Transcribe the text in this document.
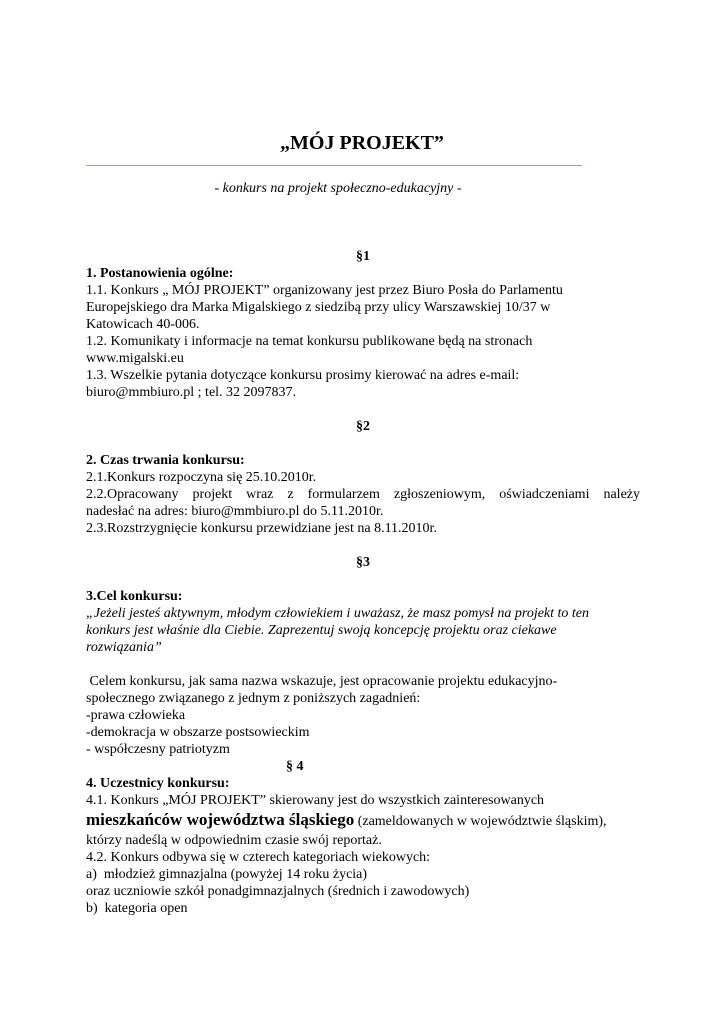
„MÓJ PROJEKT”
- konkurs na projekt społeczno-edukacyjny -
§1
1. Postanowienia ogólne:
1.1. Konkurs „ MÓJ PROJEKT” organizowany jest przez Biuro Posła do Parlamentu
Europejskiego dra Marka Migalskiego z siedzibą przy ulicy Warszawskiej 10/37 w
Katowicach 40-006.
1.2. Komunikaty i informacje na temat konkursu publikowane będą na stronach
www.migalski.eu
1.3. Wszelkie pytania dotyczące konkursu prosimy kierować na adres e-mail:
biuro@mmbiuro.pl ; tel. 32 2097837.
§2
2. Czas trwania konkursu:
2.1.Konkurs rozpoczyna się 25.10.2010r.
2.2.Opracowany projekt wraz z formularzem zgłoszeniowym, oświadczeniami należy
nadesłać na adres: biuro@mmbiuro.pl do 5.11.2010r.
2.3.Rozstrzygnięcie konkursu przewidziane jest na 8.11.2010r.
§3
3.Cel konkursu:
„Jeżeli jesteś aktywnym, młodym człowiekiem i uważasz, że masz pomysł na projekt to ten
konkurs jest właśnie dla Ciebie. Zaprezentuj swoją koncepcję projektu oraz ciekawe
rozwiązania”
Celem konkursu, jak sama nazwa wskazuje, jest opracowanie projektu edukacyjno-
społecznego związanego z jednym z poniższych zagadnień:
-prawa człowieka
-demokracja w obszarze postsowieckim
- współczesny patriotyzm
§ 4
4. Uczestnicy konkursu:
4.1. Konkurs „MÓJ PROJEKT” skierowany jest do wszystkich zainteresowanych
mieszkańców województwa śląskiego (zameldowanych w województwie śląskim),
którzy nadeślą w odpowiednim czasie swój reportaż.
4.2. Konkurs odbywa się w czterech kategoriach wiekowych:
a)  młodzież gimnazjalna (powyżej 14 roku życia)
oraz uczniowie szkół ponadgimnazjalnych (średnich i zawodowych)
b)  kategoria open
